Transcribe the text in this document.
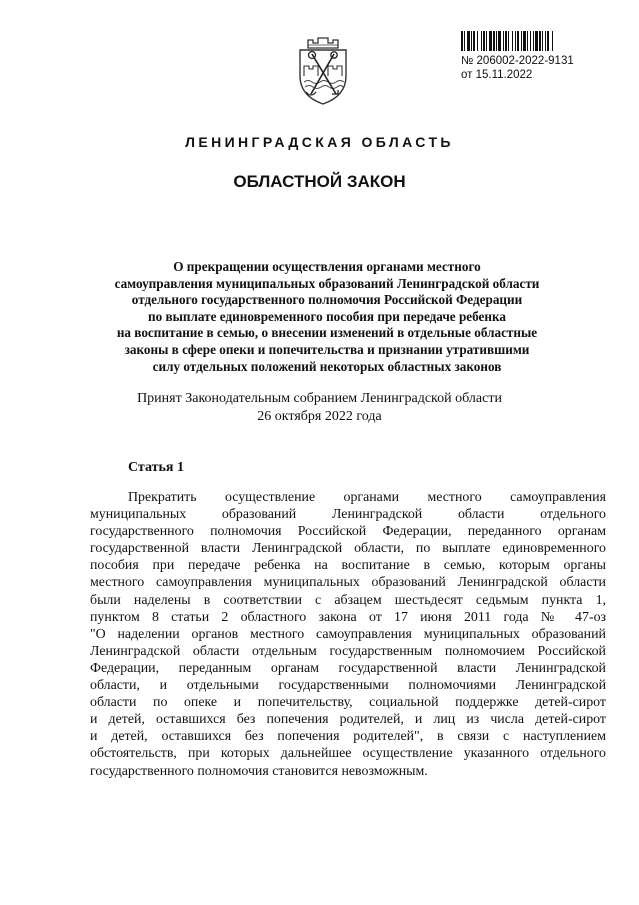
№ 206002-2022-9131
от 15.11.2022
ЛЕНИНГРАДСКАЯ ОБЛАСТЬ
ОБЛАСТНОЙ ЗАКОН
О прекращении осуществления органами местного
самоуправления муниципальных образований Ленинградской области
отдельного государственного полномочия Российской Федерации
по выплате единовременного пособия при передаче ребенка
на воспитание в семью, о внесении изменений в отдельные областные
законы в сфере опеки и попечительства и признании утратившими
силу отдельных положений некоторых областных законов
Принят Законодательным собранием Ленинградской области
26 октября 2022 года
Статья 1
Прекратить осуществление органами местного самоуправления
муниципальных образований Ленинградской области отдельного
государственного полномочия Российской Федерации, переданного органам
государственной власти Ленинградской области, по выплате единовременного
пособия при передаче ребенка на воспитание в семью, которым органы
местного самоуправления муниципальных образований Ленинградской области
были наделены в соответствии с абзацем шестьдесят седьмым пункта 1,
пунктом 8 статьи 2 областного закона от 17 июня 2011 года № 47-оз
"О наделении органов местного самоуправления муниципальных образований
Ленинградской области отдельным государственным полномочием Российской
Федерации, переданным органам государственной власти Ленинградской
области, и отдельными государственными полномочиями Ленинградской
области по опеке и попечительству, социальной поддержке детей-сирот
и детей, оставшихся без попечения родителей, и лиц из числа детей-сирот
и детей, оставшихся без попечения родителей", в связи с наступлением
обстоятельств, при которых дальнейшее осуществление указанного отдельного
государственного полномочия становится невозможным.
